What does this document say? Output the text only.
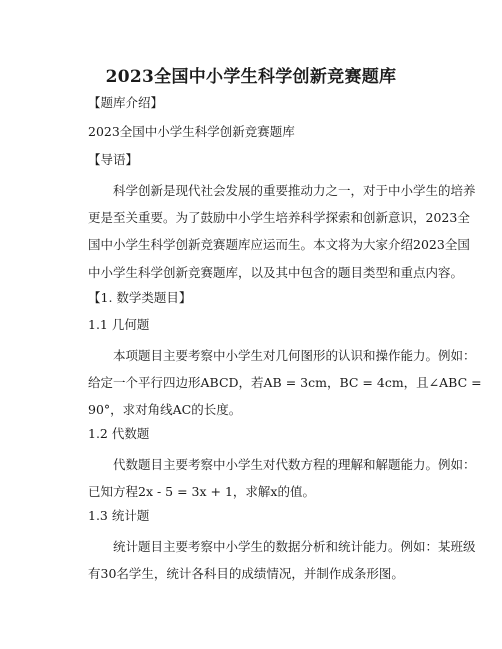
2023全国中小学生科学创新竞赛题库
【题库介绍】
2023全国中小学生科学创新竞赛题库
【导语】
科学创新是现代社会发展的重要推动力之一，对于中小学生的培养
更是至关重要。为了鼓励中小学生培养科学探索和创新意识，2023全
国中小学生科学创新竞赛题库应运而生。本文将为大家介绍2023全国
中小学生科学创新竞赛题库，以及其中包含的题目类型和重点内容。
【1. 数学类题目】
1.1 几何题
本项题目主要考察中小学生对几何图形的认识和操作能力。例如：
给定一个平行四边形ABCD，若AB = 3cm，BC = 4cm，且∠ABC =
90°，求对角线AC的长度。
1.2 代数题
代数题目主要考察中小学生对代数方程的理解和解题能力。例如：
已知方程2x - 5 = 3x + 1，求解x的值。
1.3 统计题
统计题目主要考察中小学生的数据分析和统计能力。例如：某班级
有30名学生，统计各科目的成绩情况，并制作成条形图。
